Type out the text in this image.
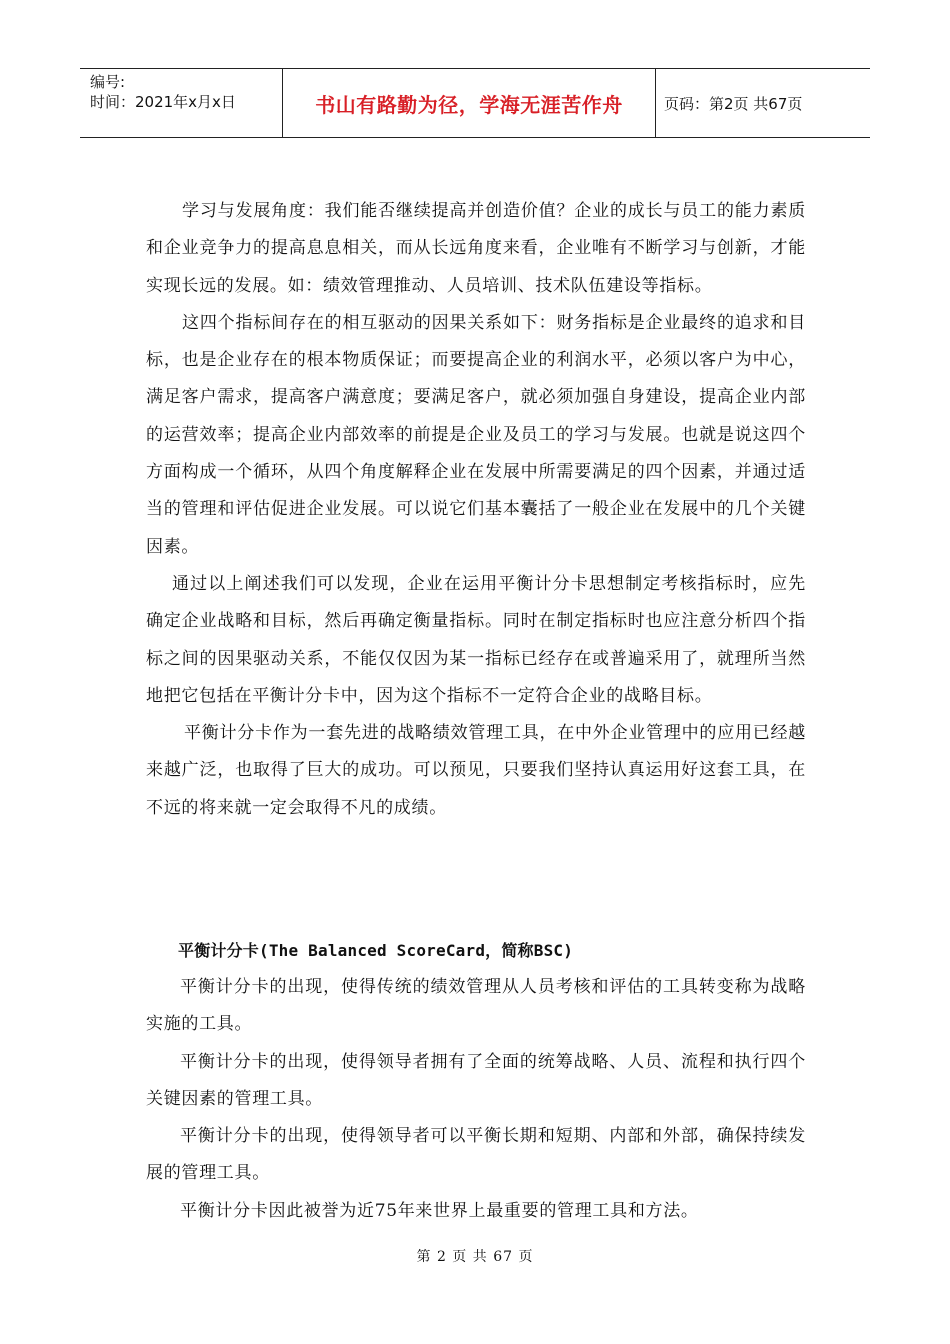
编号:
时间：2021年x月x日	书山有路勤为径，学海无涯苦作舟	页码：第2页 共67页

学习与发展角度：我们能否继续提高并创造价值？企业的成长与员工的能力素质和企业竞争力的提高息息相关，而从长远角度来看，企业唯有不断学习与创新，才能实现长远的发展。如：绩效管理推动、人员培训、技术队伍建设等指标。

这四个指标间存在的相互驱动的因果关系如下：财务指标是企业最终的追求和目标，也是企业存在的根本物质保证；而要提高企业的利润水平，必须以客户为中心，满足客户需求，提高客户满意度；要满足客户，就必须加强自身建设，提高企业内部的运营效率；提高企业内部效率的前提是企业及员工的学习与发展。也就是说这四个方面构成一个循环，从四个角度解释企业在发展中所需要满足的四个因素，并通过适当的管理和评估促进企业发展。可以说它们基本囊括了一般企业在发展中的几个关键因素。

通过以上阐述我们可以发现，企业在运用平衡计分卡思想制定考核指标时，应先确定企业战略和目标，然后再确定衡量指标。同时在制定指标时也应注意分析四个指标之间的因果驱动关系，不能仅仅因为某一指标已经存在或普遍采用了，就理所当然地把它包括在平衡计分卡中，因为这个指标不一定符合企业的战略目标。

平衡计分卡作为一套先进的战略绩效管理工具，在中外企业管理中的应用已经越来越广泛，也取得了巨大的成功。可以预见，只要我们坚持认真运用好这套工具，在不远的将来就一定会取得不凡的成绩。

平衡计分卡(The Balanced ScoreCard，简称BSC)

平衡计分卡的出现，使得传统的绩效管理从人员考核和评估的工具转变称为战略实施的工具。

平衡计分卡的出现，使得领导者拥有了全面的统筹战略、人员、流程和执行四个关键因素的管理工具。

平衡计分卡的出现，使得领导者可以平衡长期和短期、内部和外部，确保持续发展的管理工具。

平衡计分卡因此被誉为近75年来世界上最重要的管理工具和方法。

第 2 页 共 67 页
